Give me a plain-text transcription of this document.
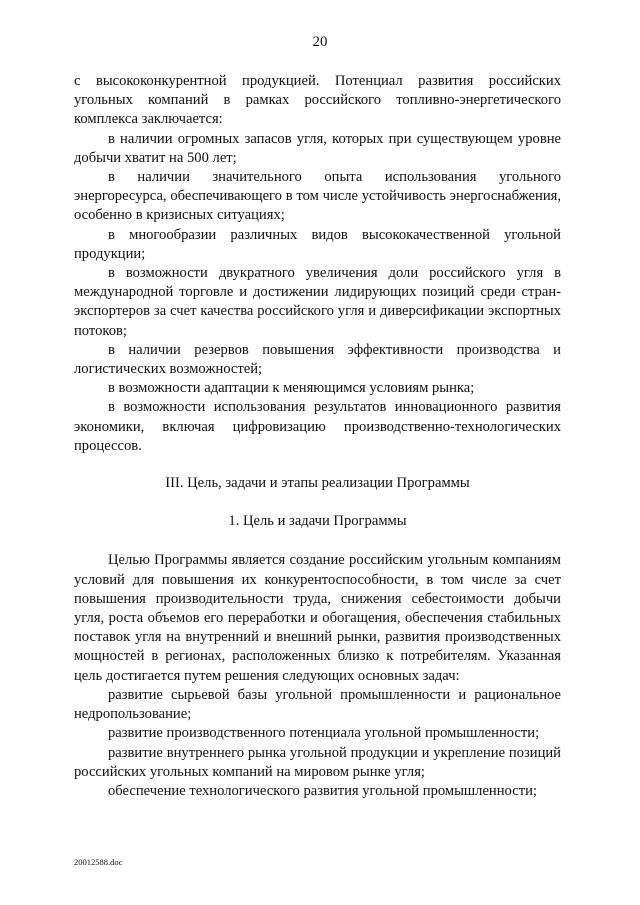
20

с высококонкурентной продукцией. Потенциал развития российских угольных компаний в рамках российского топливно-энергетического комплекса заключается:

в наличии огромных запасов угля, которых при существующем уровне добычи хватит на 500 лет;

в наличии значительного опыта использования угольного энергоресурса, обеспечивающего в том числе устойчивость энергоснабжения, особенно в кризисных ситуациях;

в многообразии различных видов высококачественной угольной продукции;

в возможности двукратного увеличения доли российского угля в международной торговле и достижении лидирующих позиций среди стран-экспортеров за счет качества российского угля и диверсификации экспортных потоков;

в наличии резервов повышения эффективности производства и логистических возможностей;

в возможности адаптации к меняющимся условиям рынка;

в возможности использования результатов инновационного развития экономики, включая цифровизацию производственно-технологических процессов.

III. Цель, задачи и этапы реализации Программы

1. Цель и задачи Программы

Целью Программы является создание российским угольным компаниям условий для повышения их конкурентоспособности, в том числе за счет повышения производительности труда, снижения себестоимости добычи угля, роста объемов его переработки и обогащения, обеспечения стабильных поставок угля на внутренний и внешний рынки, развития производственных мощностей в регионах, расположенных близко к потребителям. Указанная цель достигается путем решения следующих основных задач:

развитие сырьевой базы угольной промышленности и рациональное недропользование;

развитие производственного потенциала угольной промышленности;

развитие внутреннего рынка угольной продукции и укрепление позиций российских угольных компаний на мировом рынке угля;

обеспечение технологического развития угольной промышленности;

20012588.doc
